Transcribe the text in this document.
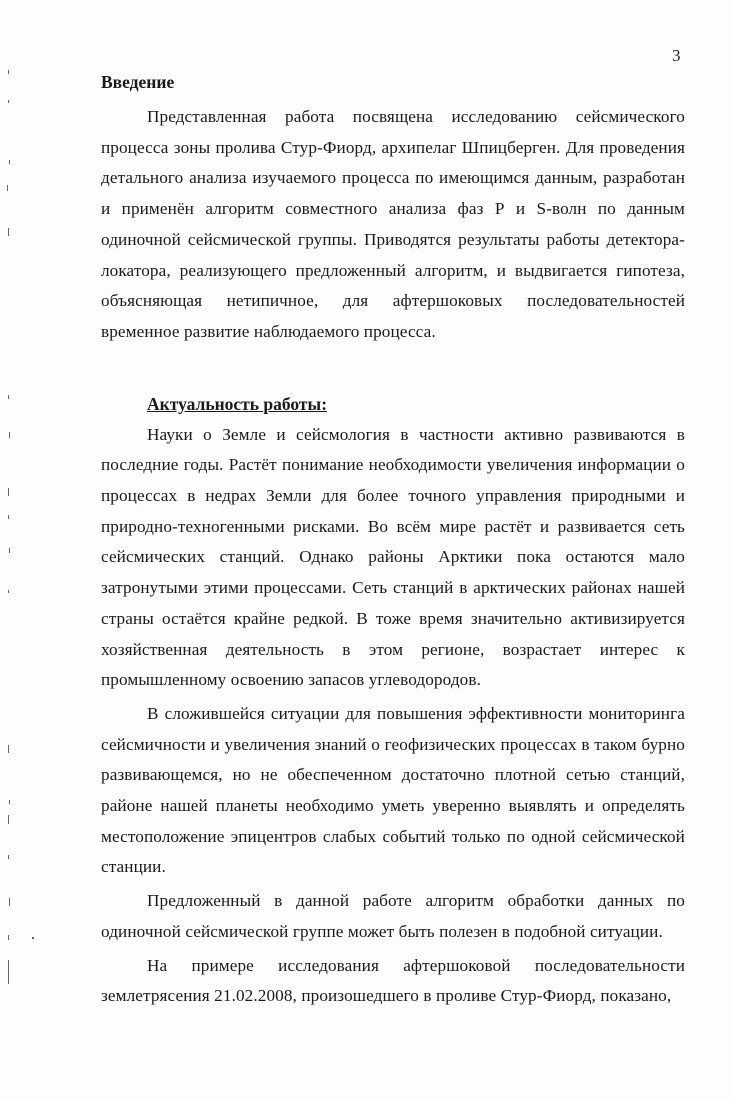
3
Введение

Представленная работа посвящена исследованию сейсмического процесса зоны пролива Стур-Фиорд, архипелаг Шпицберген. Для проведения детального анализа изучаемого процесса по имеющимся данным, разработан и применён алгоритм совместного анализа фаз Р и S-волн по данным одиночной сейсмической группы. Приводятся результаты работы детектора-локатора, реализующего предложенный алгоритм, и выдвигается гипотеза, объясняющая нетипичное, для афтершоковых последовательностей временное развитие наблюдаемого процесса.

Актуальность работы:

Науки о Земле и сейсмология в частности активно развиваются в последние годы. Растёт понимание необходимости увеличения информации о процессах в недрах Земли для более точного управления природными и природно-техногенными рисками. Во всём мире растёт и развивается сеть сейсмических станций. Однако районы Арктики пока остаются мало затронутыми этими процессами. Сеть станций в арктических районах нашей страны остаётся крайне редкой. В тоже время значительно активизируется хозяйственная деятельность в этом регионе, возрастает интерес к промышленному освоению запасов углеводородов.

В сложившейся ситуации для повышения эффективности мониторинга сейсмичности и увеличения знаний о геофизических процессах в таком бурно развивающемся, но не обеспеченном достаточно плотной сетью станций, районе нашей планеты необходимо уметь уверенно выявлять и определять местоположение эпицентров слабых событий только по одной сейсмической станции.

Предложенный в данной работе алгоритм обработки данных по одиночной сейсмической группе может быть полезен в подобной ситуации.

На примере исследования афтершоковой последовательности землетрясения 21.02.2008, произошедшего в проливе Стур-Фиорд, показано,
